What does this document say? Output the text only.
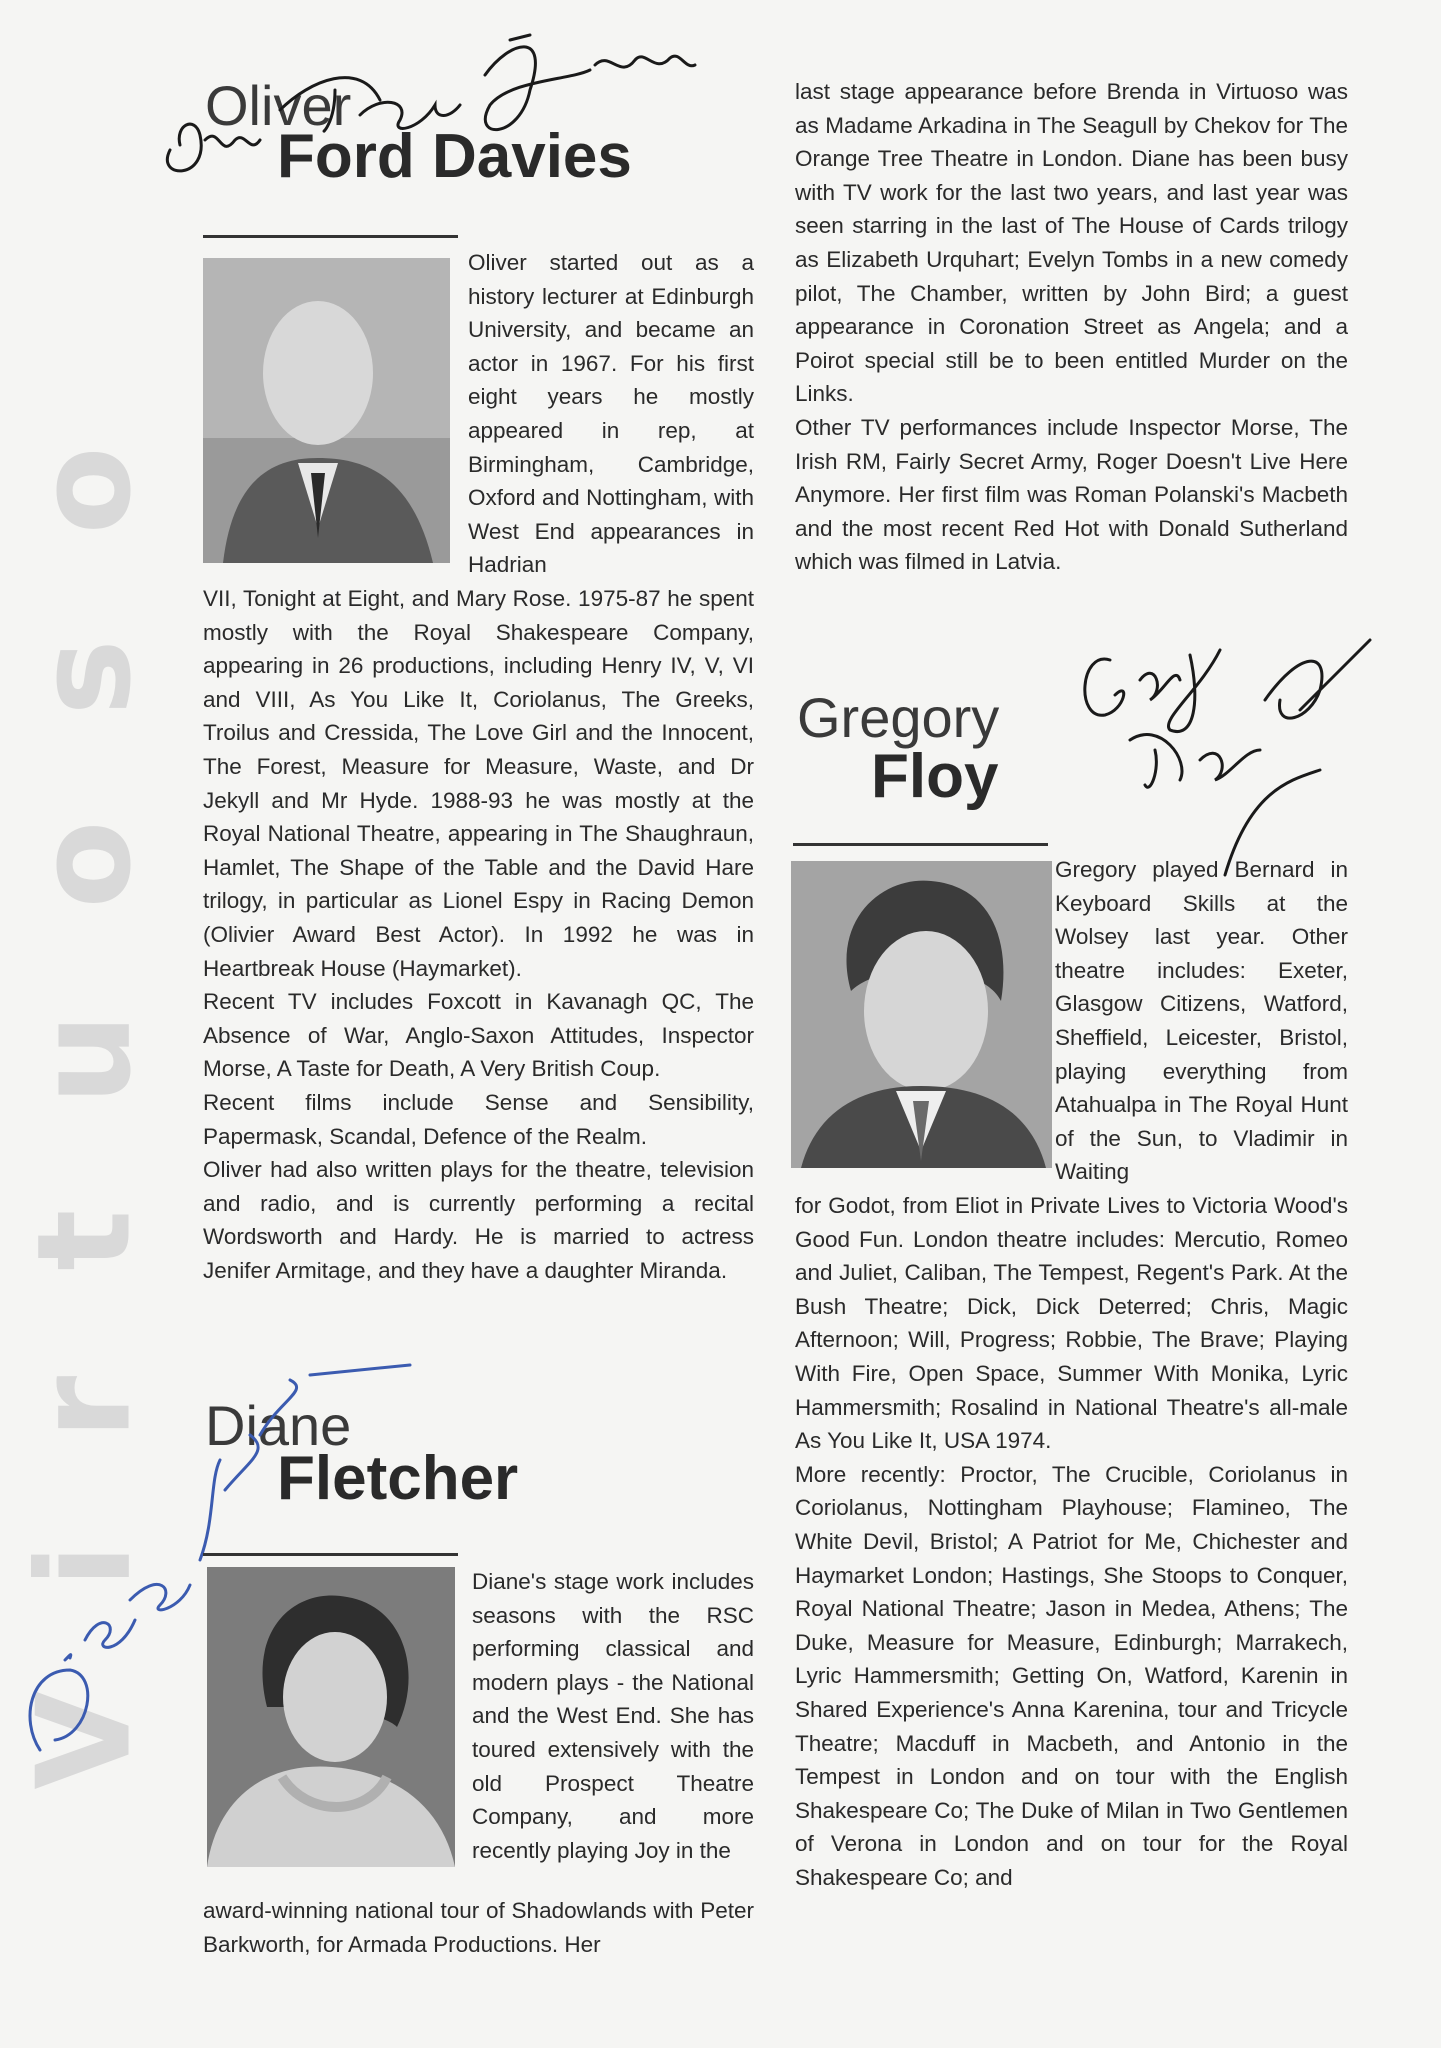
Virtuoso
Oliver
Ford Davies

Oliver started out as a history lecturer at Edinburgh University, and became an actor in 1967. For his first eight years he mostly appeared in rep, at Birmingham, Cambridge, Oxford and Nottingham, with West End appearances in Hadrian

VII, Tonight at Eight, and Mary Rose. 1975-87 he spent mostly with the Royal Shakespeare Company, appearing in 26 productions, including Henry IV, V, VI and VIII, As You Like It, Coriolanus, The Greeks, Troilus and Cressida, The Love Girl and the Innocent, The Forest, Measure for Measure, Waste, and Dr Jekyll and Mr Hyde. 1988-93 he was mostly at the Royal National Theatre, appearing in The Shaughraun, Hamlet, The Shape of the Table and the David Hare trilogy, in particular as Lionel Espy in Racing Demon (Olivier Award Best Actor). In 1992 he was in Heartbreak House (Haymarket).

Recent TV includes Foxcott in Kavanagh QC, The Absence of War, Anglo-Saxon Attitudes, Inspector Morse, A Taste for Death, A Very British Coup.

Recent films include Sense and Sensibility, Papermask, Scandal, Defence of the Realm.

Oliver had also written plays for the theatre, television and radio, and is currently performing a recital Wordsworth and Hardy. He is married to actress Jenifer Armitage, and they have a daughter Miranda.

Diane
Fletcher

Diane's stage work includes seasons with the RSC performing classical and modern plays - the National and the West End. She has toured extensively with the old Prospect Theatre Company, and more recently playing Joy in the

award-winning national tour of Shadowlands with Peter Barkworth, for Armada Productions. Her

last stage appearance before Brenda in Virtuoso was as Madame Arkadina in The Seagull by Chekov for The Orange Tree Theatre in London. Diane has been busy with TV work for the last two years, and last year was seen starring in the last of The House of Cards trilogy as Elizabeth Urquhart; Evelyn Tombs in a new comedy pilot, The Chamber, written by John Bird; a guest appearance in Coronation Street as Angela; and a Poirot special still be to been entitled Murder on the Links.

Other TV performances include Inspector Morse, The Irish RM, Fairly Secret Army, Roger Doesn't Live Here Anymore. Her first film was Roman Polanski's Macbeth and the most recent Red Hot with Donald Sutherland which was filmed in Latvia.

Gregory
Floy

Gregory played Bernard in Keyboard Skills at the Wolsey last year. Other theatre includes: Exeter, Glasgow Citizens, Watford, Sheffield, Leicester, Bristol, playing everything from Atahualpa in The Royal Hunt of the Sun, to Vladimir in Waiting

for Godot, from Eliot in Private Lives to Victoria Wood's Good Fun. London theatre includes: Mercutio, Romeo and Juliet, Caliban, The Tempest, Regent's Park. At the Bush Theatre; Dick, Dick Deterred; Chris, Magic Afternoon; Will, Progress; Robbie, The Brave; Playing With Fire, Open Space, Summer With Monika, Lyric Hammersmith; Rosalind in National Theatre's all-male As You Like It, USA 1974.

More recently: Proctor, The Crucible, Coriolanus in Coriolanus, Nottingham Playhouse; Flamineo, The White Devil, Bristol; A Patriot for Me, Chichester and Haymarket London; Hastings, She Stoops to Conquer, Royal National Theatre; Jason in Medea, Athens; The Duke, Measure for Measure, Edinburgh; Marrakech, Lyric Hammersmith; Getting On, Watford, Karenin in Shared Experience's Anna Karenina, tour and Tricycle Theatre; Macduff in Macbeth, and Antonio in the Tempest in London and on tour with the English Shakespeare Co; The Duke of Milan in Two Gentlemen of Verona in London and on tour for the Royal Shakespeare Co; and
